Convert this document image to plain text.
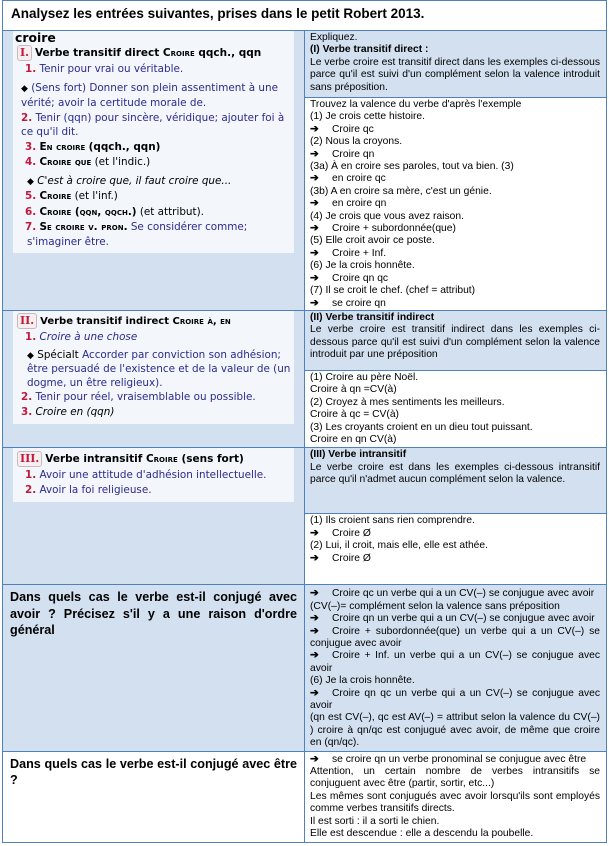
Analysez les entrées suivantes, prises dans le petit Robert 2013.	

croire
I. Verbe transitif direct Croire qqch., qqn
1. Tenir pour vrai ou véritable.
◆ (Sens fort) Donner son plein assentiment à une vérité; avoir la certitude morale de.
2. Tenir (qqn) pour sincère, véridique; ajouter foi à ce qu'il dit.
3. En croire (qqch., qqn)
4. Croire que (et l'indic.)
◆ C'est à croire que, il faut croire que...
5. Croire (et l'inf.)
6. Croire (qqn, qqch.) (et attribut).
7. Se croire v. pron. Se considérer comme; s'imaginer être.

Expliquez.
(I) Verbe transitif direct :
Le verbe croire est transitif direct dans les exemples ci-dessous parce qu'il est suivi d'un complément selon la valence introduit sans préposition.

Trouvez la valence du verbe d'après l'exemple
(1) Je crois cette histoire.
➔ Croire qc
(2) Nous la croyons.
➔ Croire qn
(3a) À en croire ses paroles, tout va bien. (3)
➔ en croire qc
(3b) A en croire sa mère, c'est un génie.
➔ en croire qn
(4) Je crois que vous avez raison.
➔ Croire + subordonnée(que)
(5) Elle croit avoir ce poste.
➔ Croire + Inf.
(6) Je la crois honnête.
➔ Croire qn qc
(7) Il se croit le chef. (chef = attribut)
➔ se croire qn

II. Verbe transitif indirect Croire à, en
1. Croire à une chose
◆ Spécialt Accorder par conviction son adhésion; être persuadé de l'existence et de la valeur de (un dogme, un être religieux).
2. Tenir pour réel, vraisemblable ou possible.
3. Croire en (qqn)

(II) Verbe transitif indirect
Le verbe croire est transitif indirect dans les exemples ci-dessous parce qu'il est suivi d'un complément selon la valence introduit par une préposition

(1) Croire au père Noël.
Croire à qn =CV(à)
(2) Croyez à mes sentiments les meilleurs.
Croire à qc = CV(à)
(3) Les croyants croient en un dieu tout puissant.
Croire en qn CV(à)

III. Verbe intransitif Croire (sens fort)
1. Avoir une attitude d'adhésion intellectuelle.
2. Avoir la foi religieuse.

(III) Verbe intransitif
Le verbe croire est dans les exemples ci-dessous intransitif parce qu'il n'admet aucun complément selon la valence.

	(1) Ils croient sans rien comprendre.
➔ Croire Ø
(2) Lui, il croit, mais elle, elle est athée.
➔ Croire Ø

Dans quels cas le verbe est-il conjugé avec avoir ? Précisez s'il y a une raison d'ordre général	
➔ Croire qc un verbe qui a un CV(–) se conjugue avec avoir
(CV(–)= complément selon la valence sans préposition
➔ Croire qn un verbe qui a un CV(–) se conjugue avec avoir
➔ Croire + subordonnée(que) un verbe qui a un CV(–) se conjugue avec avoir
➔ Croire + Inf. un verbe qui a un CV(–) se conjugue avec avoir
(6) Je la crois honnête.
➔ Croire qn qc un verbe qui a un CV(–) se conjugue avec avoir
(qn est CV(–), qc est AV(–) = attribut selon la valence du CV(–) ) croire à qn/qc est conjugué avec avoir, de même que croire en (qn/qc).

Dans quels cas le verbe est-il conjugé avec être ?	➔ se croire qn un verbe pronominal se conjugue avec être
Attention, un certain nombre de verbes intransitifs se conjuguent avec être (partir, sortir, etc...)
Les mêmes sont conjugués avec avoir lorsqu'ils sont employés comme verbes transitifs directs.
Il est sorti : il a sorti le chien.
Elle est descendue : elle a descendu la poubelle.
